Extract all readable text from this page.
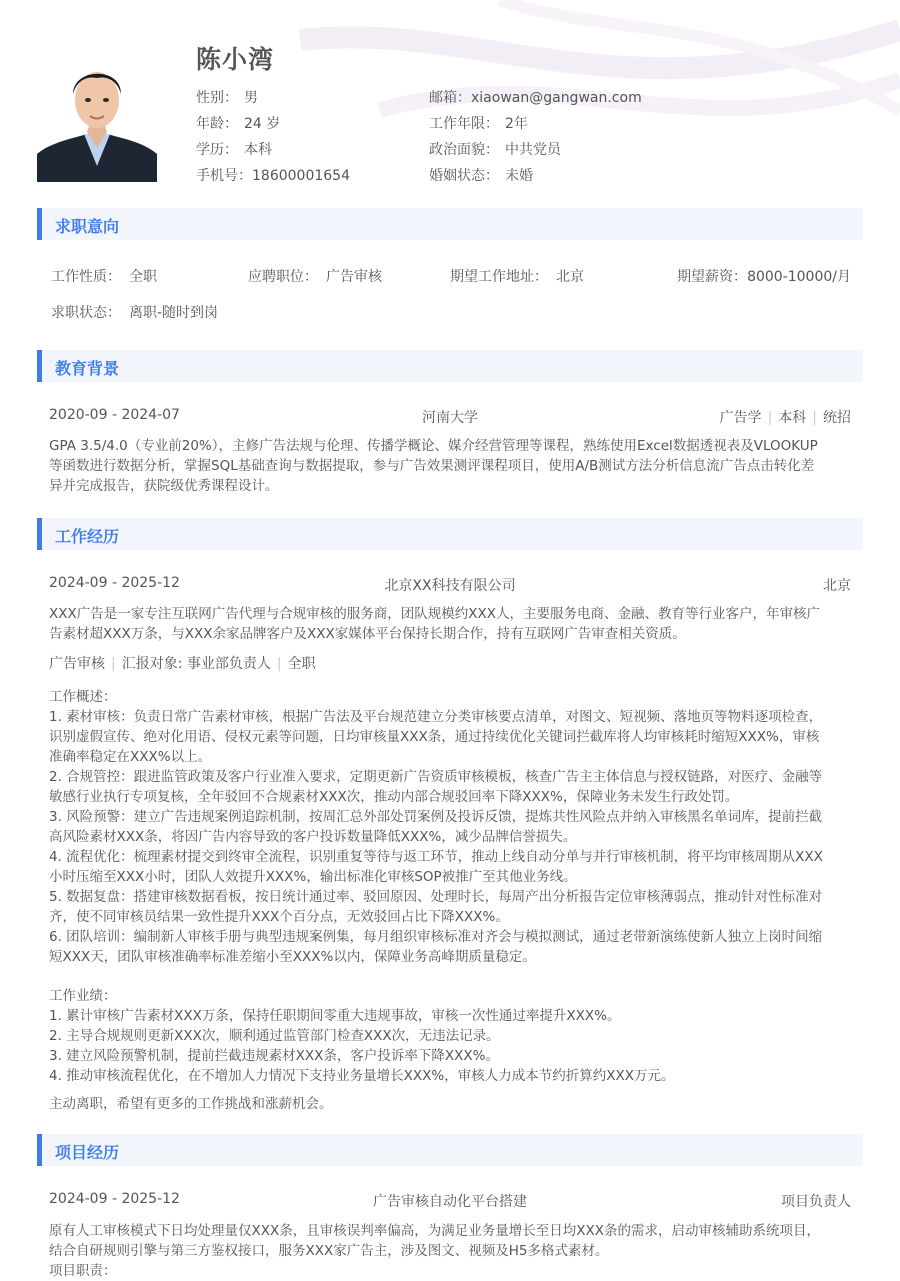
陈小湾
性别： 男	邮箱：xiaowan@gangwan.com
年龄： 24 岁	工作年限： 2年
学历： 本科	政治面貌： 中共党员
手机号：18600001654	婚姻状态： 未婚
求职意向
工作性质： 全职	应聘职位： 广告审核	期望工作地址： 北京	期望薪资：8000-10000/月
求职状态： 离职-随时到岗
教育背景
2020-09 - 2024-07	河南大学	广告学 | 本科 | 统招

GPA 3.5/4.0（专业前20%），主修广告法规与伦理、传播学概论、媒介经营管理等课程，熟练使用Excel数据透视表及VLOOKUP

等函数进行数据分析，掌握SQL基础查询与数据提取，参与广告效果测评课程项目，使用A/B测试方法分析信息流广告点击转化差

异并完成报告，获院级优秀课程设计。

工作经历
2024-09 - 2025-12	北京XX科技有限公司	北京

XXX广告是一家专注互联网广告代理与合规审核的服务商，团队规模约XXX人，主要服务电商、金融、教育等行业客户，年审核广

告素材超XXX万条，与XXX余家品牌客户及XXX家媒体平台保持长期合作，持有互联网广告审查相关资质。

广告审核 | 汇报对象: 事业部负责人 | 全职

工作概述：

1. 素材审核：负责日常广告素材审核，根据广告法及平台规范建立分类审核要点清单，对图文、短视频、落地页等物料逐项检查，

识别虚假宣传、绝对化用语、侵权元素等问题，日均审核量XXX条，通过持续优化关键词拦截库将人均审核耗时缩短XXX%，审核

准确率稳定在XXX%以上。

2. 合规管控：跟进监管政策及客户行业准入要求，定期更新广告资质审核模板，核查广告主主体信息与授权链路，对医疗、金融等

敏感行业执行专项复核，全年驳回不合规素材XXX次，推动内部合规驳回率下降XXX%，保障业务未发生行政处罚。

3. 风险预警：建立广告违规案例追踪机制，按周汇总外部处罚案例及投诉反馈，提炼共性风险点并纳入审核黑名单词库，提前拦截

高风险素材XXX条，将因广告内容导致的客户投诉数量降低XXX%，减少品牌信誉损失。

4. 流程优化：梳理素材提交到终审全流程，识别重复等待与返工环节，推动上线自动分单与并行审核机制，将平均审核周期从XXX

小时压缩至XXX小时，团队人效提升XXX%，输出标准化审核SOP被推广至其他业务线。

5. 数据复盘：搭建审核数据看板，按日统计通过率、驳回原因、处理时长，每周产出分析报告定位审核薄弱点，推动针对性标准对

齐，使不同审核员结果一致性提升XXX个百分点，无效驳回占比下降XXX%。

6. 团队培训：编制新人审核手册与典型违规案例集，每月组织审核标准对齐会与模拟测试，通过老带新演练使新人独立上岗时间缩

短XXX天，团队审核准确率标准差缩小至XXX%以内，保障业务高峰期质量稳定。

工作业绩：

1. 累计审核广告素材XXX万条，保持任职期间零重大违规事故，审核一次性通过率提升XXX%。

2. 主导合规规则更新XXX次，顺利通过监管部门检查XXX次，无违法记录。

3. 建立风险预警机制，提前拦截违规素材XXX条，客户投诉率下降XXX%。

4. 推动审核流程优化，在不增加人力情况下支持业务量增长XXX%，审核人力成本节约折算约XXX万元。

主动离职，希望有更多的工作挑战和涨薪机会。

项目经历
2024-09 - 2025-12	广告审核自动化平台搭建	项目负责人

原有人工审核模式下日均处理量仅XXX条，且审核误判率偏高，为满足业务量增长至日均XXX条的需求，启动审核辅助系统项目，

结合自研规则引擎与第三方鉴权接口，服务XXX家广告主，涉及图文、视频及H5多格式素材。

项目职责：
